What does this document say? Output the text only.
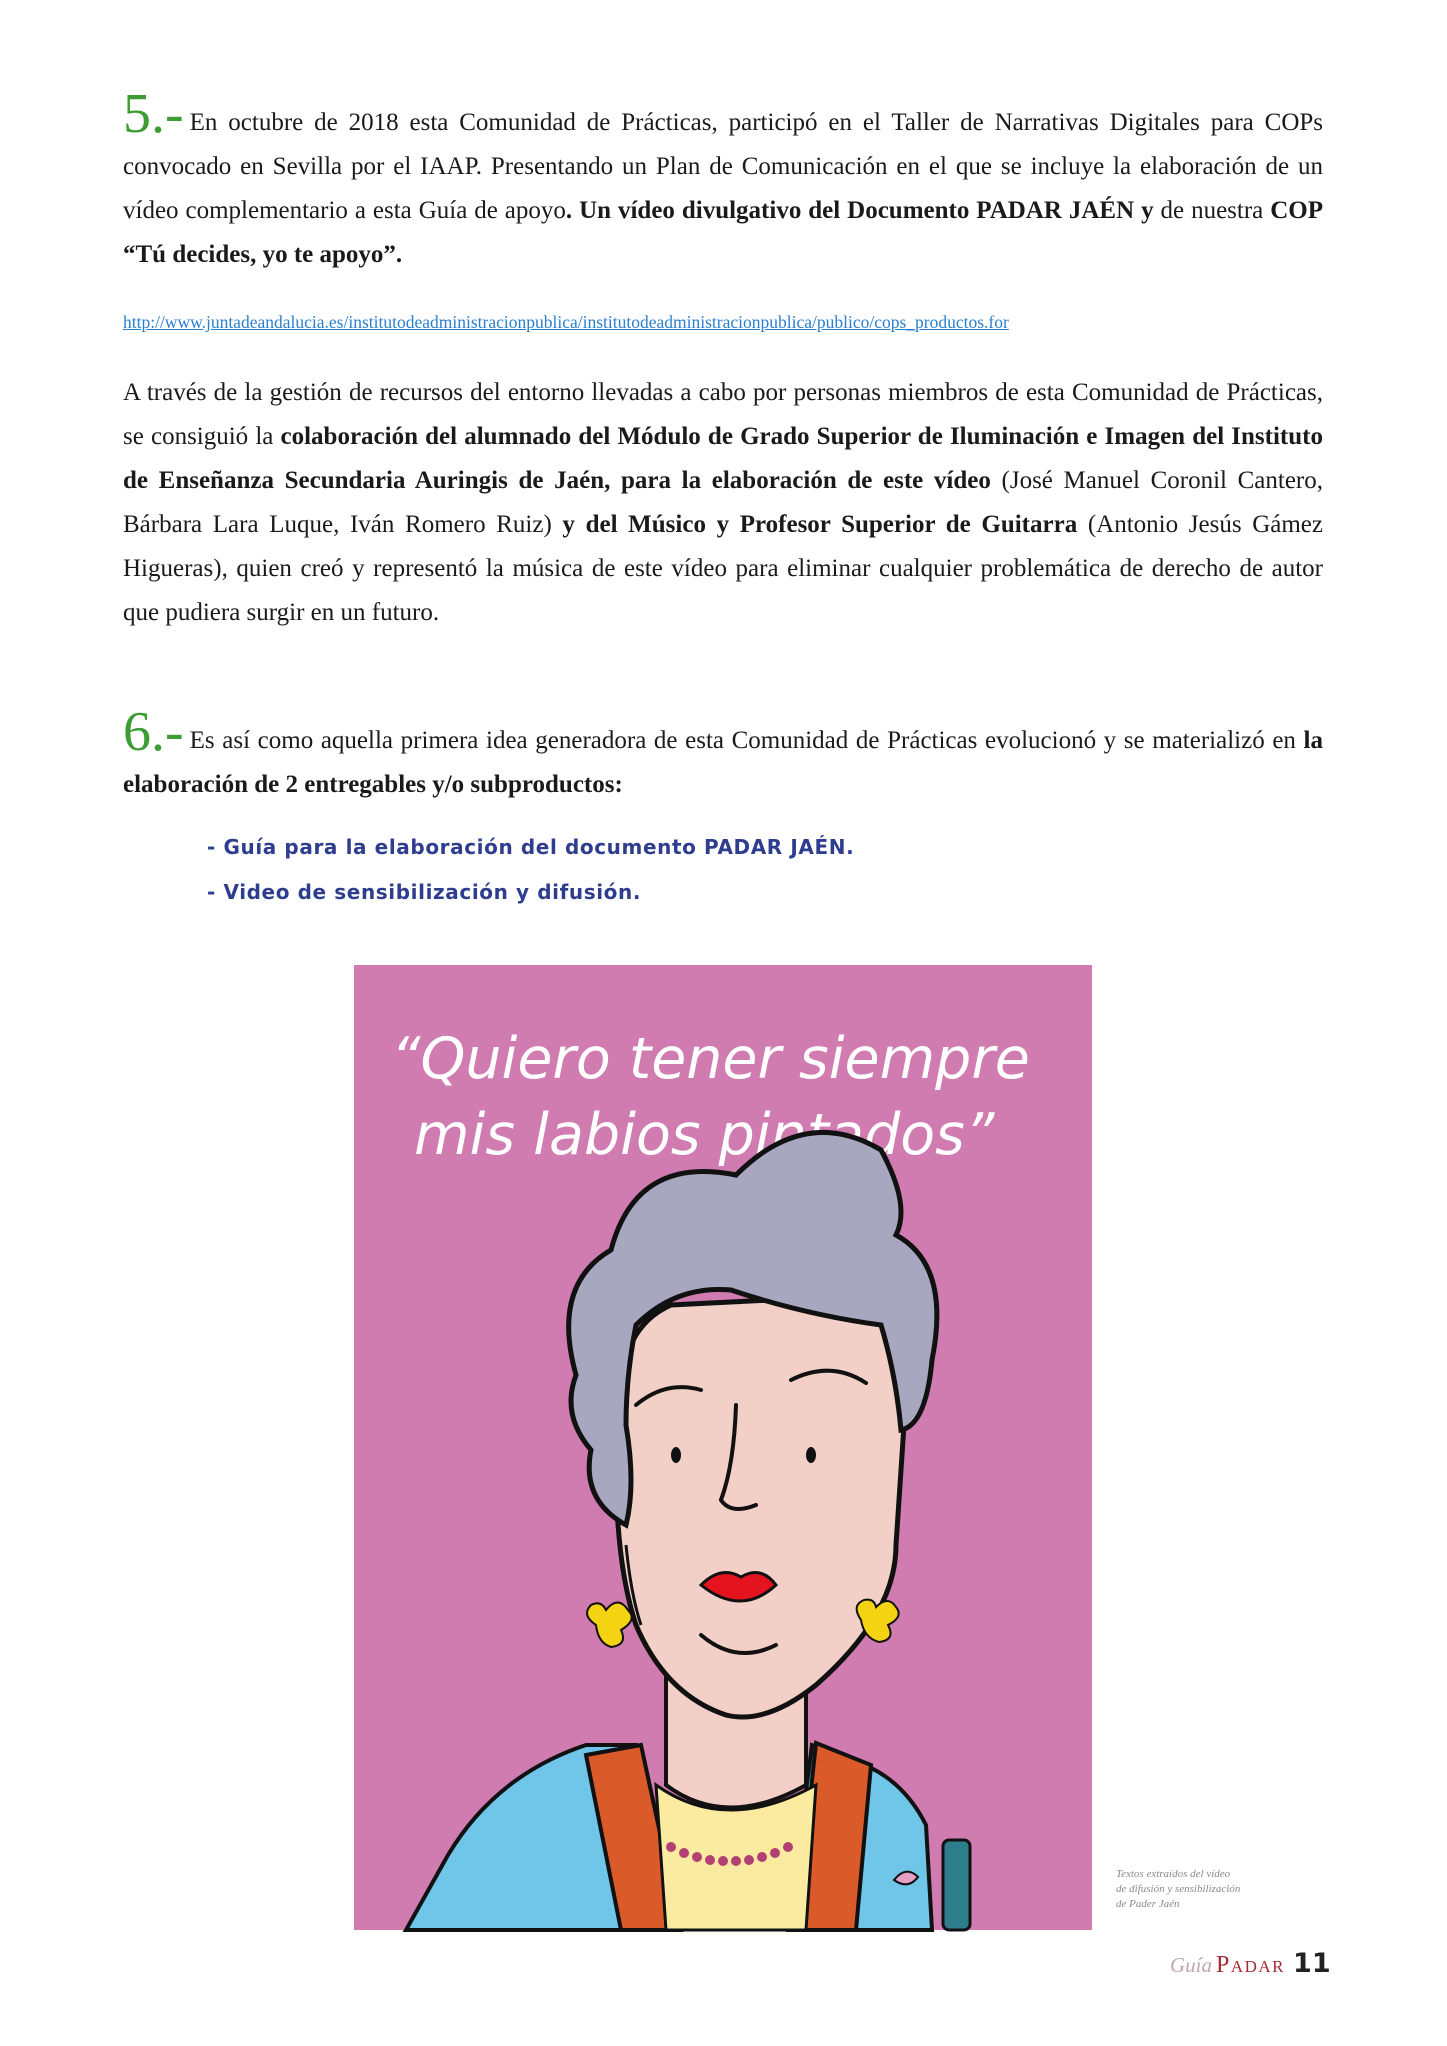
5.- En octubre de 2018 esta Comunidad de Prácticas, participó en el Taller de Narrativas Digitales para COPs convocado en Sevilla por el IAAP. Presentando un Plan de Comunicación en el que se incluye la elaboración de un vídeo complementario a esta Guía de apoyo. Un vídeo divulgativo del Documento PADAR JAÉN y de nuestra COP “Tú decides, yo te apoyo”.

http://www.juntadeandalucia.es/institutodeadministracionpublica/institutodeadministracionpublica/publico/cops_productos.for

A través de la gestión de recursos del entorno llevadas a cabo por personas miembros de esta Comunidad de Prácticas, se consiguió la colaboración del alumnado del Módulo de Grado Superior de Iluminación e Imagen del Instituto de Enseñanza Secundaria Auringis de Jaén, para la elaboración de este vídeo (José Manuel Coronil Cantero, Bárbara Lara Luque, Iván Romero Ruiz) y del Músico y Profesor Superior de Guitarra (Antonio Jesús Gámez Higueras), quien creó y representó la música de este vídeo para eliminar cualquier problemática de derecho de autor que pudiera surgir en un futuro.

6.- Es así como aquella primera idea generadora de esta Comunidad de Prácticas evolucionó y se materializó en la elaboración de 2 entregables y/o subproductos:

- Guía para la elaboración del documento PADAR JAÉN.
- Video de sensibilización y difusión.
“Quiero tener siempre
mis labios pintados”
Textos extraídos del vídeo
de difusión y sensibilización
de Pader Jaén
Guía Padar 11
